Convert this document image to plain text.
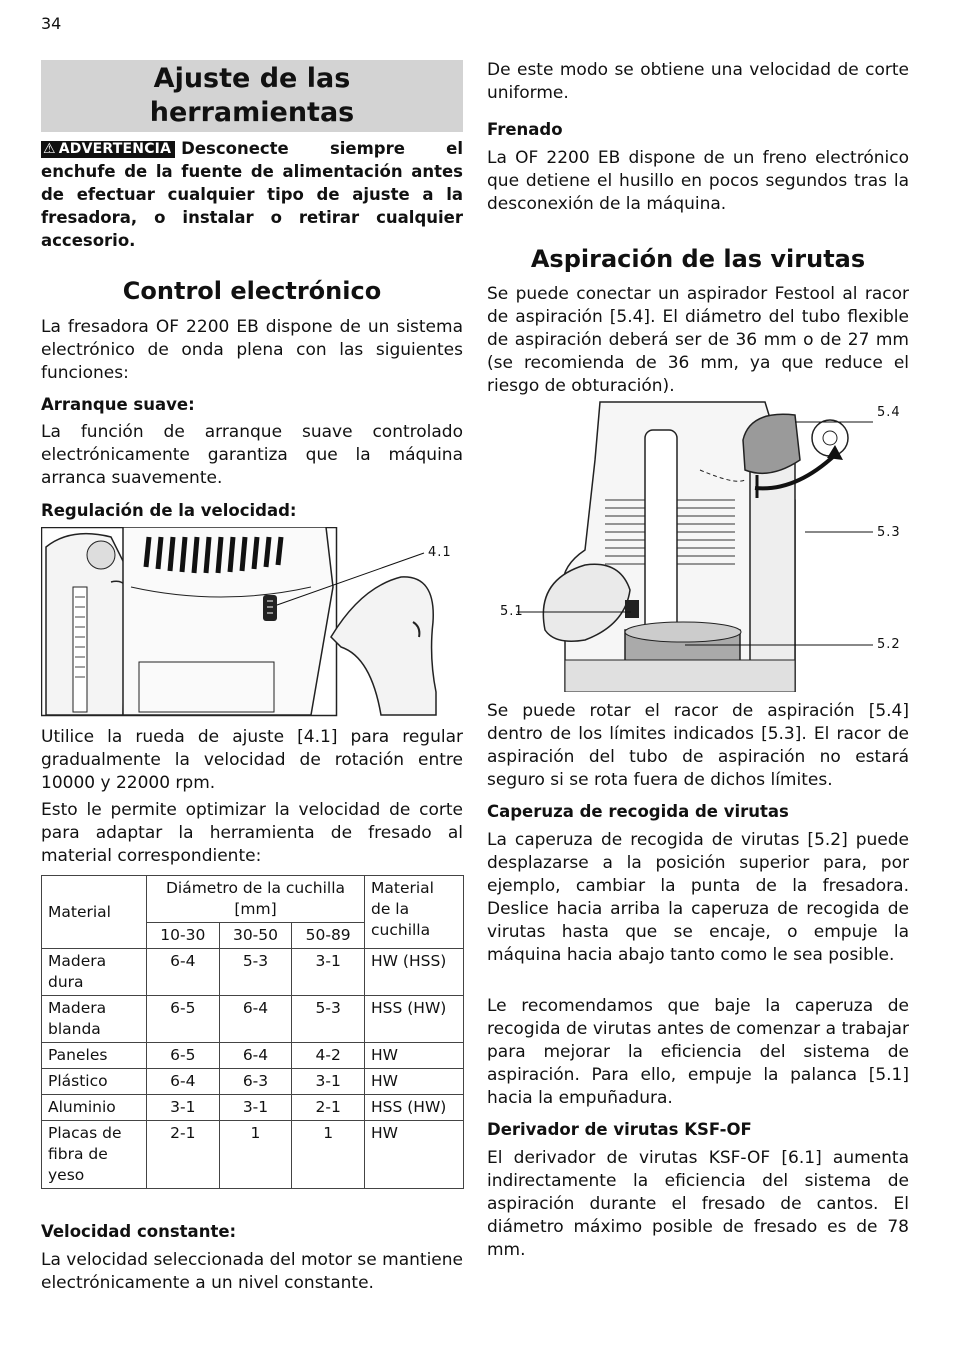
34
Ajuste de las
herramientas
⚠ ADVERTENCIA Desconecte siempre el enchufe de la fuente de alimentación antes de efectuar cualquier tipo de ajuste a la fresadora, o instalar o retirar cualquier accesorio.
Control electrónico

La fresadora OF 2200 EB dispone de un sistema electrónico de onda plena con las siguientes funciones:

Arranque suave:

La función de arranque suave controlado electrónicamente garantiza que la máquina arranca suavemente.

Regulación de la velocidad:

4.1

Utilice la rueda de ajuste [4.1] para regular gradualmente la velocidad de rotación entre 10000 y 22000 rpm.

Esto le permite optimizar la velocidad de corte para adaptar la herramienta de fresado al material correspondiente:

Material	Diámetro de la cuchilla [mm]			Material de la cuchilla
	10-30	30-50	50-89	
Madera dura	6-4	5-3	3-1	HW (HSS)
Madera blanda	6-5	6-4	5-3	HSS (HW)
Paneles	6-5	6-4	4-2	HW
Plástico	6-4	6-3	3-1	HW
Aluminio	3-1	3-1	2-1	HSS (HW)
Placas de fibra de yeso	2-1	1	1	HW

Velocidad constante:

La velocidad seleccionada del motor se mantiene electrónicamente a un nivel constante.

De este modo se obtiene una velocidad de corte uniforme.

Frenado

La OF 2200 EB dispone de un freno electrónico que detiene el husillo en pocos segundos tras la desconexión de la máquina.

Aspiración de las virutas

Se puede conectar un aspirador Festool al racor de aspiración [5.4]. El diámetro del tubo flexible de aspiración deberá ser de 36 mm o de 27 mm (se recomienda de 36 mm, ya que reduce el riesgo de obturación).

5.4
5.3
5.1
5.2

Se puede rotar el racor de aspiración [5.4] dentro de los límites indicados [5.3]. El racor de aspiración del tubo de aspiración no estará seguro si se rota fuera de dichos límites.

Caperuza de recogida de virutas

La caperuza de recogida de virutas [5.2] puede desplazarse a la posición superior para, por ejemplo, cambiar la punta de la fresadora. Deslice hacia arriba la caperuza de recogida de virutas hasta que se encaje, o empuje la máquina hacia abajo tanto como le sea posible.

Le recomendamos que baje la caperuza de recogida de virutas antes de comenzar a trabajar para mejorar la eficiencia del sistema de aspiración. Para ello, empuje la palanca [5.1] hacia la empuñadura.

Derivador de virutas KSF-OF

El derivador de virutas KSF-OF [6.1] aumenta indirectamente la eficiencia del sistema de aspiración durante el fresado de cantos. El diámetro máximo posible de fresado es de 78 mm.
